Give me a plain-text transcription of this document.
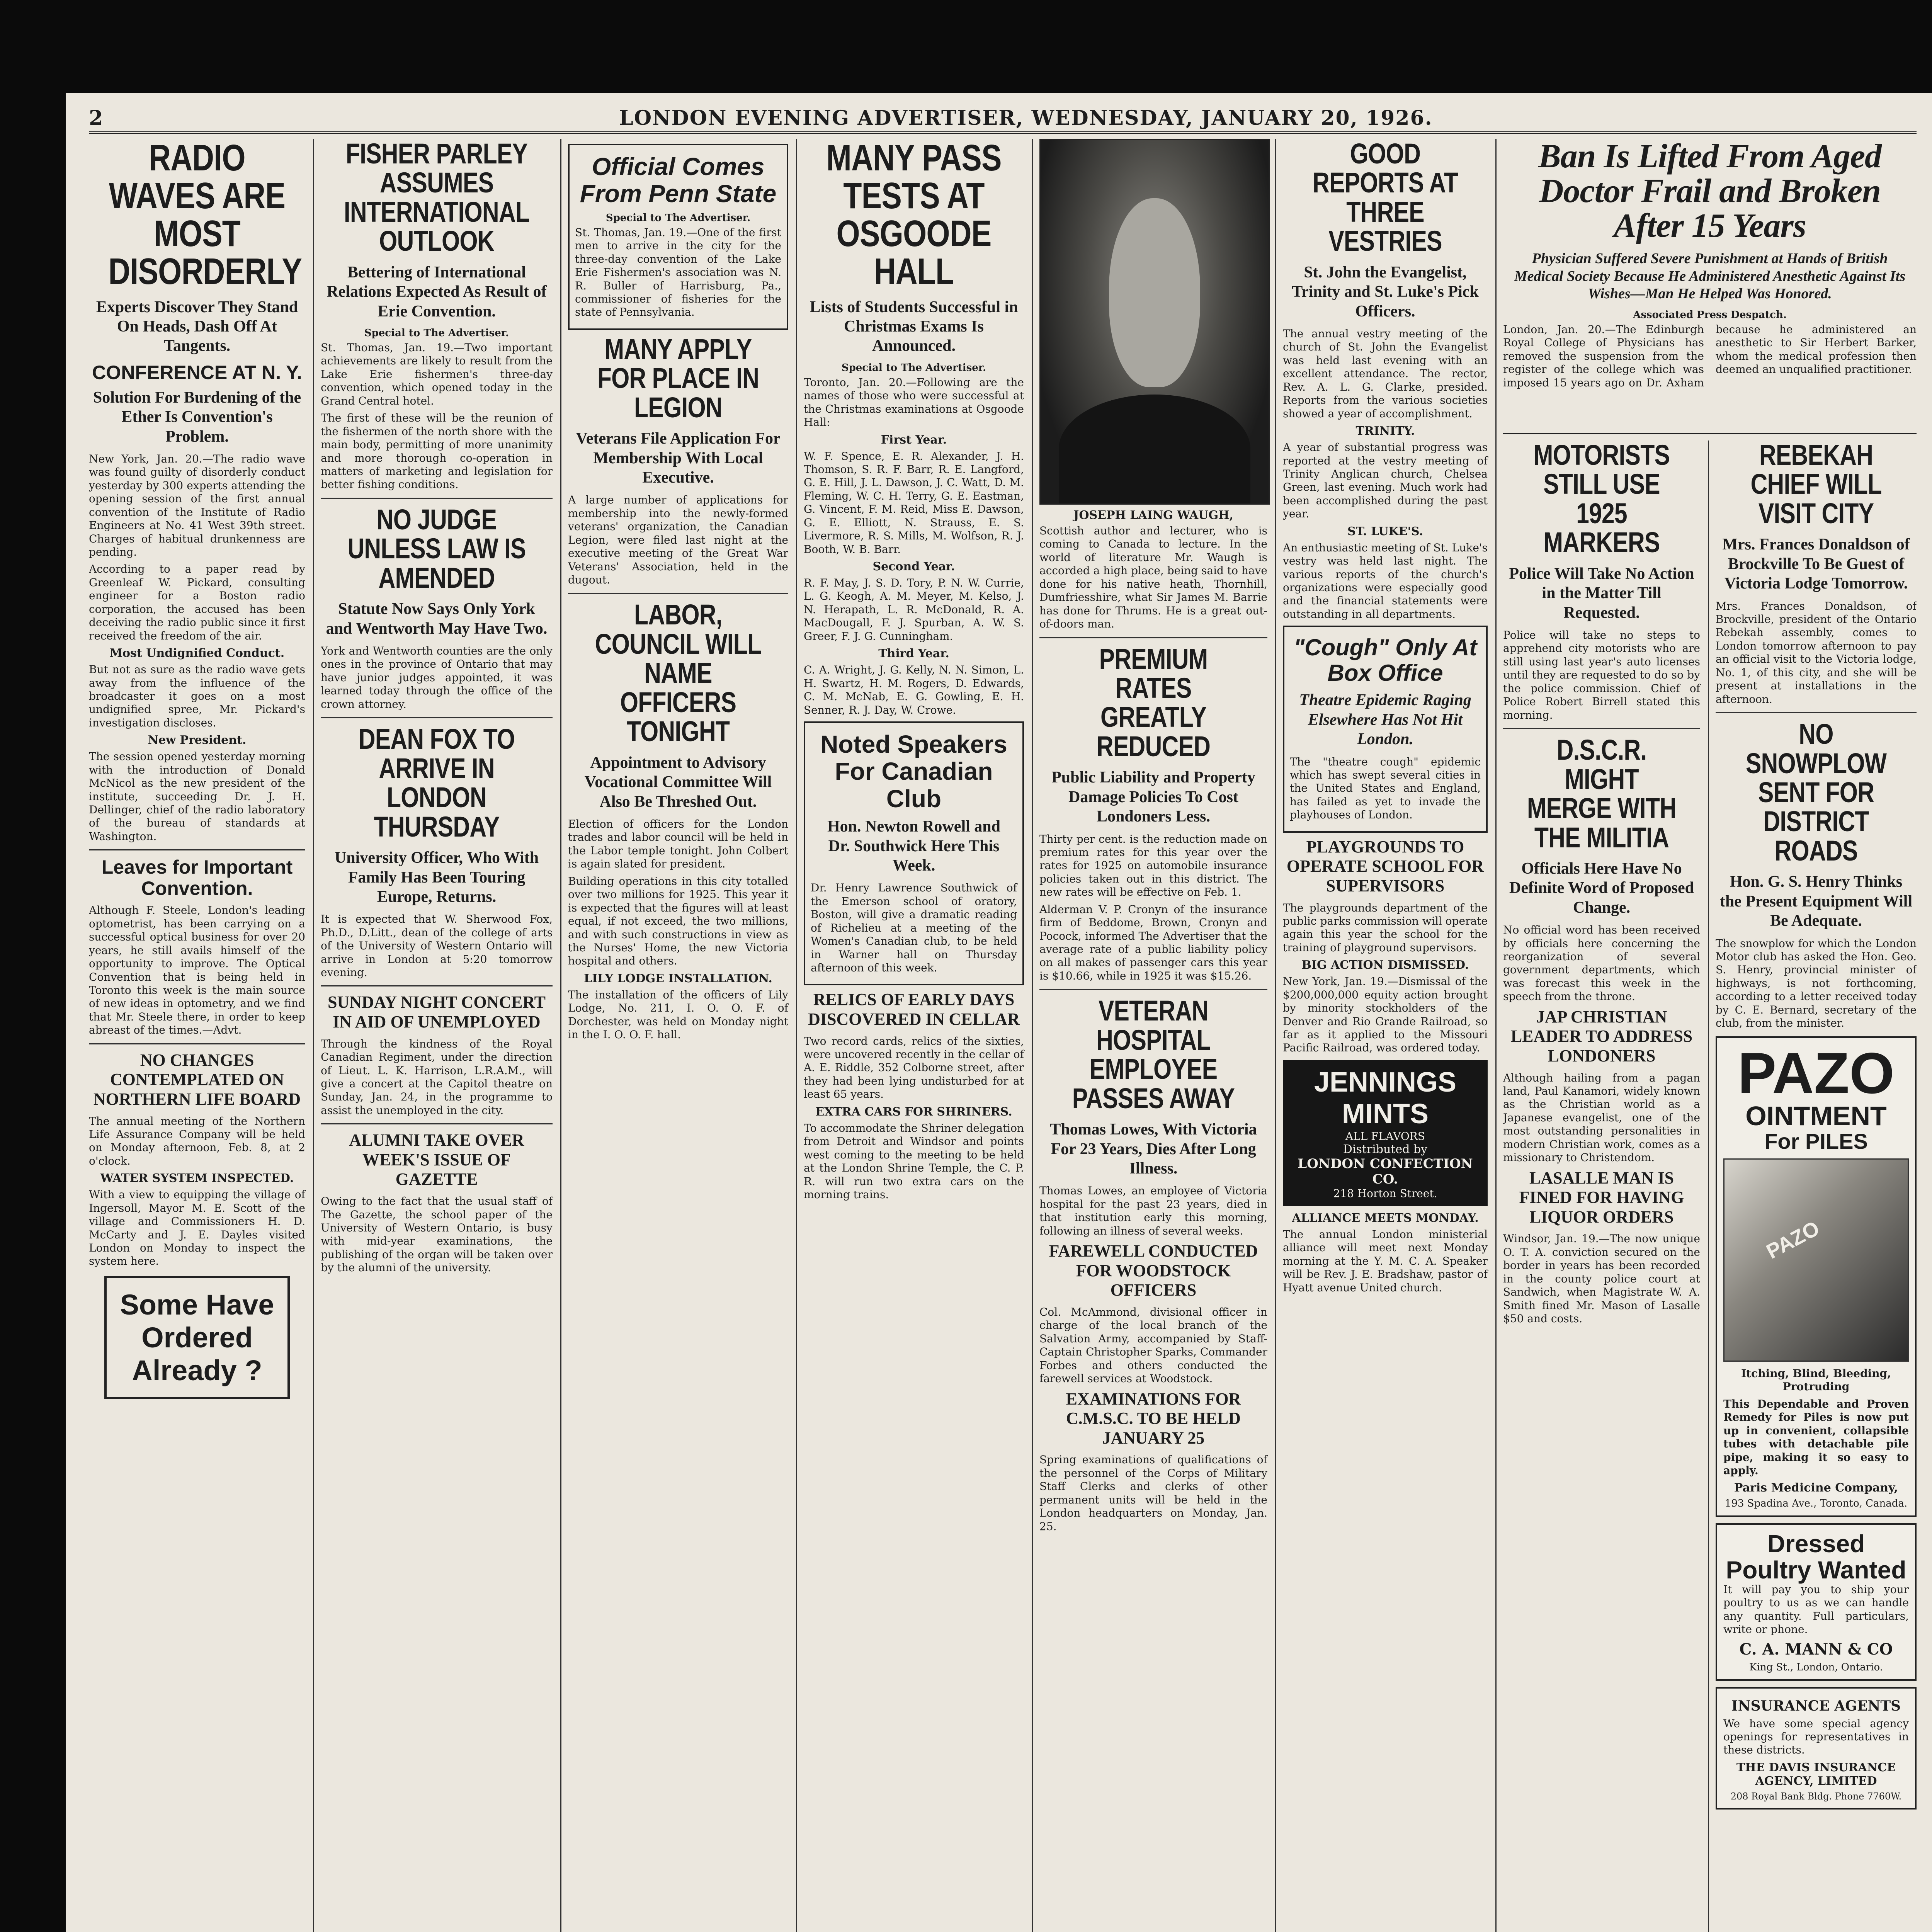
2	LONDON EVENING ADVERTISER, WEDNESDAY, JANUARY 20, 1926.
RADIO WAVES ARE MOST DISORDERLY
Experts Discover They Stand On Heads, Dash Off At Tangents.
CONFERENCE AT N. Y.
Solution For Burdening of the Ether Is Convention's Problem.

New York, Jan. 20.—The radio wave was found guilty of disorderly conduct yesterday by 300 experts attending the opening session of the first annual convention of the Institute of Radio Engineers at No. 41 West 39th street. Charges of habitual drunkenness are pending.

According to a paper read by Greenleaf W. Pickard, consulting engineer for a Boston radio corporation, the accused has been deceiving the radio public since it first received the freedom of the air.

Most Undignified Conduct.

But not as sure as the radio wave gets away from the influence of the broadcaster it goes on a most undignified spree, Mr. Pickard's investigation discloses.

New President.

The session opened yesterday morning with the introduction of Donald McNicol as the new president of the institute, succeeding Dr. J. H. Dellinger, chief of the radio laboratory of the bureau of standards at Washington.

Leaves for Important Convention.

Although F. Steele, London's leading optometrist, has been carrying on a successful optical business for over 20 years, he still avails himself of the opportunity to improve. The Optical Convention that is being held in Toronto this week is the main source of new ideas in optometry, and we find that Mr. Steele there, in order to keep abreast of the times.—Advt.

NO CHANGES CONTEMPLATED ON NORTHERN LIFE BOARD

The annual meeting of the Northern Life Assurance Company will be held on Monday afternoon, Feb. 8, at 2 o'clock.

WATER SYSTEM INSPECTED.

With a view to equipping the village of Ingersoll, Mayor M. E. Scott of the village and Commissioners H. D. McCarty and J. E. Dayles visited London on Monday to inspect the system here.

Some Have Ordered Already ?
FISHER PARLEY ASSUMES INTERNATIONAL OUTLOOK
Bettering of International Relations Expected As Result of Erie Convention.
Special to The Advertiser.

St. Thomas, Jan. 19.—Two important achievements are likely to result from the Lake Erie fishermen's three-day convention, which opened today in the Grand Central hotel.

The first of these will be the reunion of the fishermen of the north shore with the main body, permitting of more unanimity and more thorough co-operation in matters of marketing and legislation for better fishing conditions.

NO JUDGE UNLESS LAW IS AMENDED
Statute Now Says Only York and Wentworth May Have Two.

York and Wentworth counties are the only ones in the province of Ontario that may have junior judges appointed, it was learned today through the office of the crown attorney.

DEAN FOX TO ARRIVE IN LONDON THURSDAY
University Officer, Who With Family Has Been Touring Europe, Returns.

It is expected that W. Sherwood Fox, Ph.D., D.Litt., dean of the college of arts of the University of Western Ontario will arrive in London at 5:20 tomorrow evening.

SUNDAY NIGHT CONCERT IN AID OF UNEMPLOYED

Through the kindness of the Royal Canadian Regiment, under the direction of Lieut. L. K. Harrison, L.R.A.M., will give a concert at the Capitol theatre on Sunday, Jan. 24, in the programme to assist the unemployed in the city.

ALUMNI TAKE OVER WEEK'S ISSUE OF GAZETTE

Owing to the fact that the usual staff of The Gazette, the school paper of the University of Western Ontario, is busy with mid-year examinations, the publishing of the organ will be taken over by the alumni of the university.

Official Comes From Penn State
Special to The Advertiser.

St. Thomas, Jan. 19.—One of the first men to arrive in the city for the three-day convention of the Lake Erie Fishermen's association was N. R. Buller of Harrisburg, Pa., commissioner of fisheries for the state of Pennsylvania.

MANY APPLY FOR PLACE IN LEGION
Veterans File Application For Membership With Local Executive.

A large number of applications for membership into the newly-formed veterans' organization, the Canadian Legion, were filed last night at the executive meeting of the Great War Veterans' Association, held in the dugout.

LABOR, COUNCIL WILL NAME OFFICERS TONIGHT
Appointment to Advisory Vocational Committee Will Also Be Threshed Out.

Election of officers for the London trades and labor council will be held in the Labor temple tonight. John Colbert is again slated for president.

Building operations in this city totalled over two millions for 1925. This year it is expected that the figures will at least equal, if not exceed, the two millions, and with such constructions in view as the Nurses' Home, the new Victoria hospital and others.

LILY LODGE INSTALLATION.

The installation of the officers of Lily Lodge, No. 211, I. O. O. F. of Dorchester, was held on Monday night in the I. O. O. F. hall.

MANY PASS TESTS AT OSGOODE HALL
Lists of Students Successful in Christmas Exams Is Announced.
Special to The Advertiser.

Toronto, Jan. 20.—Following are the names of those who were successful at the Christmas examinations at Osgoode Hall:

First Year.

W. F. Spence, E. R. Alexander, J. H. Thomson, S. R. F. Barr, R. E. Langford, G. E. Hill, J. L. Dawson, J. C. Watt, D. M. Fleming, W. C. H. Terry, G. E. Eastman, G. Vincent, F. M. Reid, Miss E. Dawson, G. E. Elliott, N. Strauss, E. S. Livermore, R. S. Mills, M. Wolfson, R. J. Booth, W. B. Barr.

Second Year.

R. F. May, J. S. D. Tory, P. N. W. Currie, L. G. Keogh, A. M. Meyer, M. Kelso, J. N. Herapath, L. R. McDonald, R. A. MacDougall, F. J. Spurban, A. W. S. Greer, F. J. G. Cunningham.

Third Year.

C. A. Wright, J. G. Kelly, N. N. Simon, L. H. Swartz, H. M. Rogers, D. Edwards, C. M. McNab, E. G. Gowling, E. H. Senner, R. J. Day, W. Crowe.

Noted Speakers For Canadian Club
Hon. Newton Rowell and Dr. Southwick Here This Week.

Dr. Henry Lawrence Southwick of the Emerson school of oratory, Boston, will give a dramatic reading of Richelieu at a meeting of the Women's Canadian club, to be held in Warner hall on Thursday afternoon of this week.

RELICS OF EARLY DAYS DISCOVERED IN CELLAR

Two record cards, relics of the sixties, were uncovered recently in the cellar of A. E. Riddle, 352 Colborne street, after they had been lying undisturbed for at least 65 years.

EXTRA CARS FOR SHRINERS.

To accommodate the Shriner delegation from Detroit and Windsor and points west coming to the meeting to be held at the London Shrine Temple, the C. P. R. will run two extra cars on the morning trains.

JOSEPH LAING WAUGH,

Scottish author and lecturer, who is coming to Canada to lecture. In the world of literature Mr. Waugh is accorded a high place, being said to have done for his native heath, Thornhill, Dumfriesshire, what Sir James M. Barrie has done for Thrums. He is a great out-of-doors man.

PREMIUM RATES GREATLY REDUCED
Public Liability and Property Damage Policies To Cost Londoners Less.

Thirty per cent. is the reduction made on premium rates for this year over the rates for 1925 on automobile insurance policies taken out in this district. The new rates will be effective on Feb. 1.

Alderman V. P. Cronyn of the insurance firm of Beddome, Brown, Cronyn and Pocock, informed The Advertiser that the average rate of a public liability policy on all makes of passenger cars this year is $10.66, while in 1925 it was $15.26.

VETERAN HOSPITAL EMPLOYEE PASSES AWAY
Thomas Lowes, With Victoria For 23 Years, Dies After Long Illness.

Thomas Lowes, an employee of Victoria hospital for the past 23 years, died in that institution early this morning, following an illness of several weeks.

FAREWELL CONDUCTED FOR WOODSTOCK OFFICERS

Col. McAmmond, divisional officer in charge of the local branch of the Salvation Army, accompanied by Staff-Captain Christopher Sparks, Commander Forbes and others conducted the farewell services at Woodstock.

EXAMINATIONS FOR C.M.S.C. TO BE HELD JANUARY 25

Spring examinations of qualifications of the personnel of the Corps of Military Staff Clerks and clerks of other permanent units will be held in the London headquarters on Monday, Jan. 25.

GOOD REPORTS AT THREE VESTRIES
St. John the Evangelist, Trinity and St. Luke's Pick Officers.

The annual vestry meeting of the church of St. John the Evangelist was held last evening with an excellent attendance. The rector, Rev. A. L. G. Clarke, presided. Reports from the various societies showed a year of accomplishment.

TRINITY.

A year of substantial progress was reported at the vestry meeting of Trinity Anglican church, Chelsea Green, last evening. Much work had been accomplished during the past year.

ST. LUKE'S.

An enthusiastic meeting of St. Luke's vestry was held last night. The various reports of the church's organizations were especially good and the financial statements were outstanding in all departments.

"Cough" Only At Box Office
Theatre Epidemic Raging Elsewhere Has Not Hit London.

The "theatre cough" epidemic which has swept several cities in the United States and England, has failed as yet to invade the playhouses of London.

PLAYGROUNDS TO OPERATE SCHOOL FOR SUPERVISORS

The playgrounds department of the public parks commission will operate again this year the school for the training of playground supervisors.

BIG ACTION DISMISSED.

New York, Jan. 19.—Dismissal of the $200,000,000 equity action brought by minority stockholders of the Denver and Rio Grande Railroad, so far as it applied to the Missouri Pacific Railroad, was ordered today.

JENNINGS MINTS
ALL FLAVORS
Distributed by
LONDON CONFECTION CO.
218 Horton Street.
ALLIANCE MEETS MONDAY.

The annual London ministerial alliance will meet next Monday morning at the Y. M. C. A. Speaker will be Rev. J. E. Bradshaw, pastor of Hyatt avenue United church.

Ban Is Lifted From Aged Doctor Frail and Broken After 15 Years
Physician Suffered Severe Punishment at Hands of British Medical Society Because He Administered Anesthetic Against Its Wishes—Man He Helped Was Honored.
Associated Press Despatch.

London, Jan. 20.—The Edinburgh Royal College of Physicians has removed the suspension from the register of the college which was imposed 15 years ago on Dr. Axham because he administered an anesthetic to Sir Herbert Barker, whom the medical profession then deemed an unqualified practitioner.

MOTORISTS STILL USE 1925 MARKERS
Police Will Take No Action in the Matter Till Requested.

Police will take no steps to apprehend city motorists who are still using last year's auto licenses until they are requested to do so by the police commission. Chief of Police Robert Birrell stated this morning.

D.S.C.R. MIGHT MERGE WITH THE MILITIA
Officials Here Have No Definite Word of Proposed Change.

No official word has been received by officials here concerning the reorganization of several government departments, which was forecast this week in the speech from the throne.

JAP CHRISTIAN LEADER TO ADDRESS LONDONERS

Although hailing from a pagan land, Paul Kanamori, widely known as the Christian world as a Japanese evangelist, one of the most outstanding personalities in modern Christian work, comes as a missionary to Christendom.

LASALLE MAN IS FINED FOR HAVING LIQUOR ORDERS

Windsor, Jan. 19.—The now unique O. T. A. conviction secured on the border in years has been recorded in the county police court at Sandwich, when Magistrate W. A. Smith fined Mr. Mason of Lasalle $50 and costs.

REBEKAH CHIEF WILL VISIT CITY
Mrs. Frances Donaldson of Brockville To Be Guest of Victoria Lodge Tomorrow.

Mrs. Frances Donaldson, of Brockville, president of the Ontario Rebekah assembly, comes to London tomorrow afternoon to pay an official visit to the Victoria lodge, No. 1, of this city, and she will be present at installations in the afternoon.

NO SNOWPLOW SENT FOR DISTRICT ROADS
Hon. G. S. Henry Thinks the Present Equipment Will Be Adequate.

The snowplow for which the London Motor club has asked the Hon. Geo. S. Henry, provincial minister of highways, is not forthcoming, according to a letter received today by C. E. Bernard, secretary of the club, from the minister.

PAZO
OINTMENT
For PILES
PAZO

Itching, Blind, Bleeding, Protruding

This Dependable and Proven Remedy for Piles is now put up in convenient, collapsible tubes with detachable pile pipe, making it so easy to apply.

Paris Medicine Company,
193 Spadina Ave., Toronto, Canada.
Dressed Poultry Wanted

It will pay you to ship your poultry to us as we can handle any quantity. Full particulars, write or phone.

C. A. MANN & CO
King St., London, Ontario.
INSURANCE AGENTS

We have some special agency openings for representatives in these districts.

THE DAVIS INSURANCE AGENCY, LIMITED
208 Royal Bank Bldg. Phone 7760W.
